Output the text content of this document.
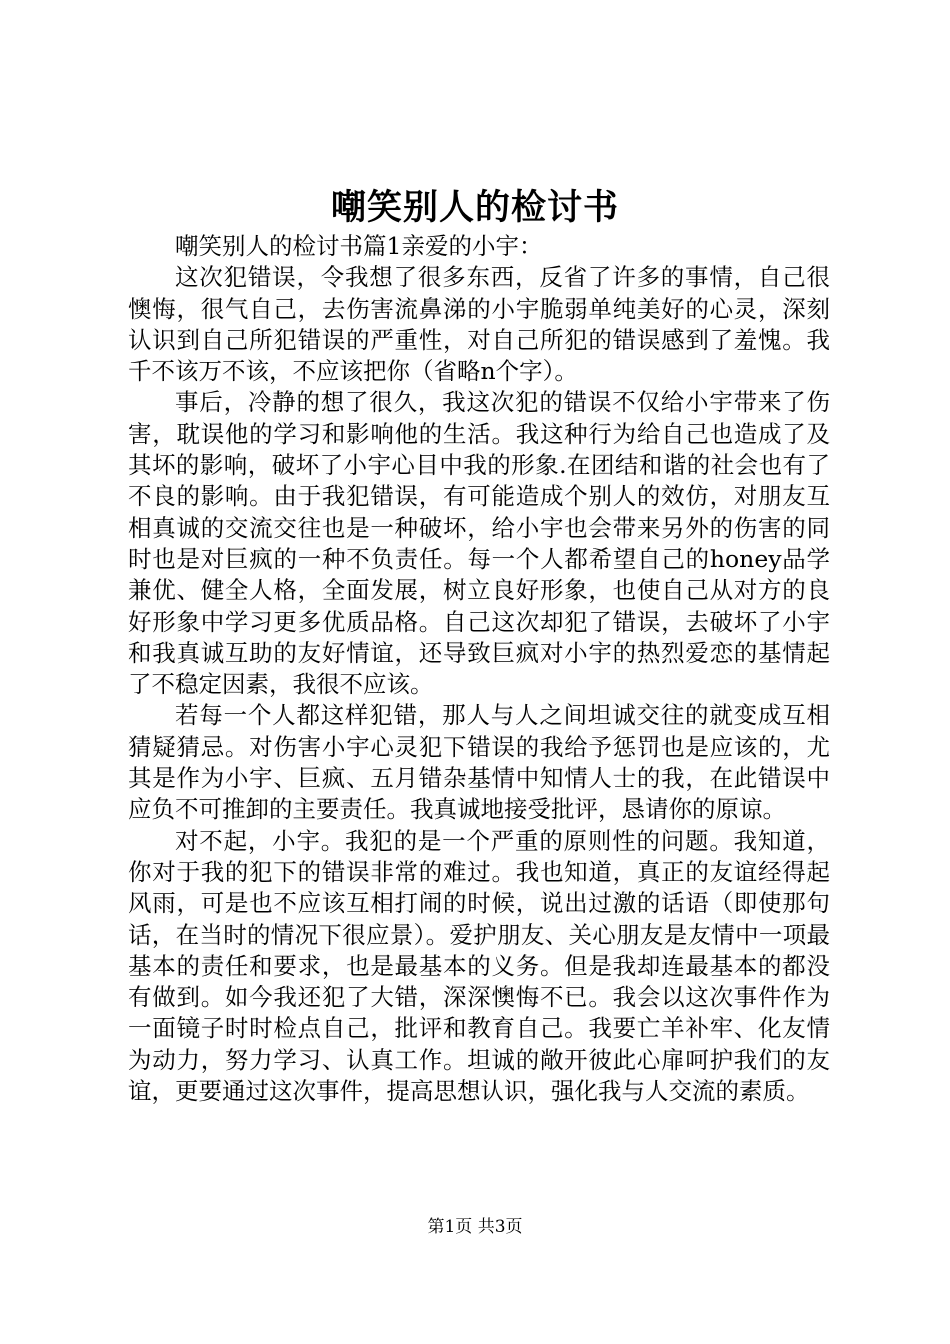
嘲笑别人的检讨书

嘲笑别人的检讨书篇1亲爱的小宇：

这次犯错误，令我想了很多东西，反省了许多的事情，自己很懊悔，很气自己，去伤害流鼻涕的小宇脆弱单纯美好的心灵，深刻认识到自己所犯错误的严重性，对自己所犯的错误感到了羞愧。我千不该万不该，不应该把你（省略n个字）。

事后，冷静的想了很久，我这次犯的错误不仅给小宇带来了伤害，耽误他的学习和影响他的生活。我这种行为给自己也造成了及其坏的影响，破坏了小宇心目中我的形象.在团结和谐的社会也有了不良的影响。由于我犯错误，有可能造成个别人的效仿，对朋友互相真诚的交流交往也是一种破坏，给小宇也会带来另外的伤害的同时也是对巨疯的一种不负责任。每一个人都希望自己的honey品学兼优、健全人格，全面发展，树立良好形象，也使自己从对方的良好形象中学习更多优质品格。自己这次却犯了错误，去破坏了小宇和我真诚互助的友好情谊，还导致巨疯对小宇的热烈爱恋的基情起了不稳定因素，我很不应该。

若每一个人都这样犯错，那人与人之间坦诚交往的就变成互相猜疑猜忌。对伤害小宇心灵犯下错误的我给予惩罚也是应该的，尤其是作为小宇、巨疯、五月错杂基情中知情人士的我，在此错误中应负不可推卸的主要责任。我真诚地接受批评，恳请你的原谅。

对不起，小宇。我犯的是一个严重的原则性的问题。我知道，你对于我的犯下的错误非常的难过。我也知道，真正的友谊经得起风雨，可是也不应该互相打闹的时候，说出过激的话语（即使那句话，在当时的情况下很应景）。爱护朋友、关心朋友是友情中一项最基本的责任和要求，也是最基本的义务。但是我却连最基本的都没有做到。如今我还犯了大错，深深懊悔不已。我会以这次事件作为一面镜子时时检点自己，批评和教育自己。我要亡羊补牢、化友情为动力，努力学习、认真工作。坦诚的敞开彼此心扉呵护我们的友谊，更要通过这次事件，提高思想认识，强化我与人交流的素质。

第1页 共3页
